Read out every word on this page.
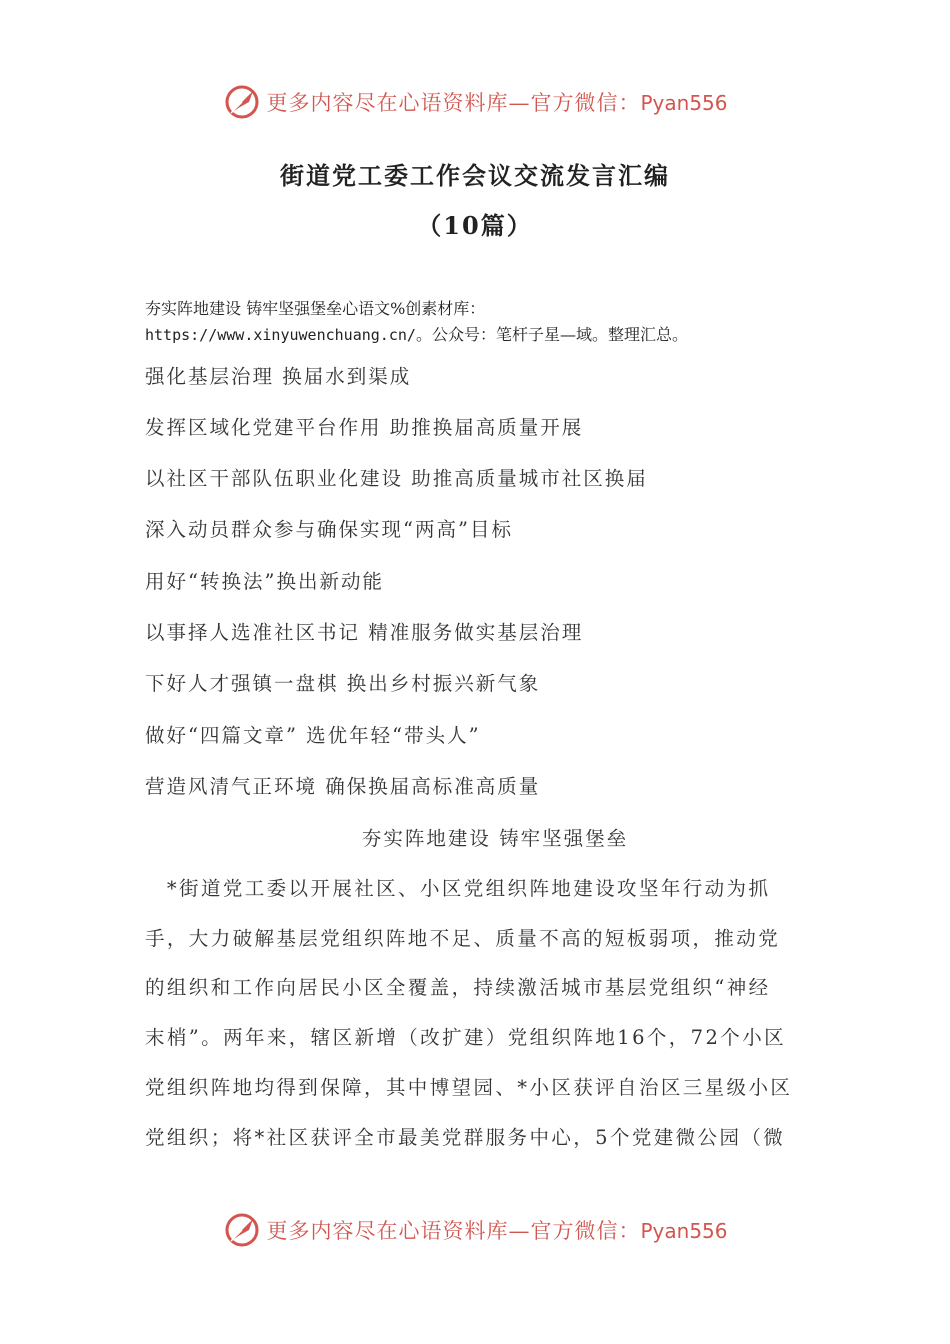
更多内容尽在心语资料库—官方微信：Pyan556
街道党工委工作会议交流发言汇编
（10篇）
夯实阵地建设 铸牢坚强堡垒心语文%创素材库：
https://www.xinyuwenchuang.cn/。公众号：笔杆子星—域。整理汇总。
强化基层治理 换届水到渠成
发挥区域化党建平台作用 助推换届高质量开展
以社区干部队伍职业化建设 助推高质量城市社区换届
深入动员群众参与确保实现“两高”目标
用好“转换法”换出新动能
以事择人选准社区书记 精准服务做实基层治理
下好人才强镇一盘棋 换出乡村振兴新气象
做好“四篇文章” 选优年轻“带头人”
营造风清气正环境 确保换届高标准高质量
夯实阵地建设 铸牢坚强堡垒
　*街道党工委以开展社区、小区党组织阵地建设攻坚年行动为抓
手，大力破解基层党组织阵地不足、质量不高的短板弱项，推动党
的组织和工作向居民小区全覆盖，持续激活城市基层党组织“神经
末梢”。两年来，辖区新增（改扩建）党组织阵地16个，72个小区
党组织阵地均得到保障，其中博望园、*小区获评自治区三星级小区
党组织；将*社区获评全市最美党群服务中心，5个党建微公园（微
更多内容尽在心语资料库—官方微信：Pyan556
